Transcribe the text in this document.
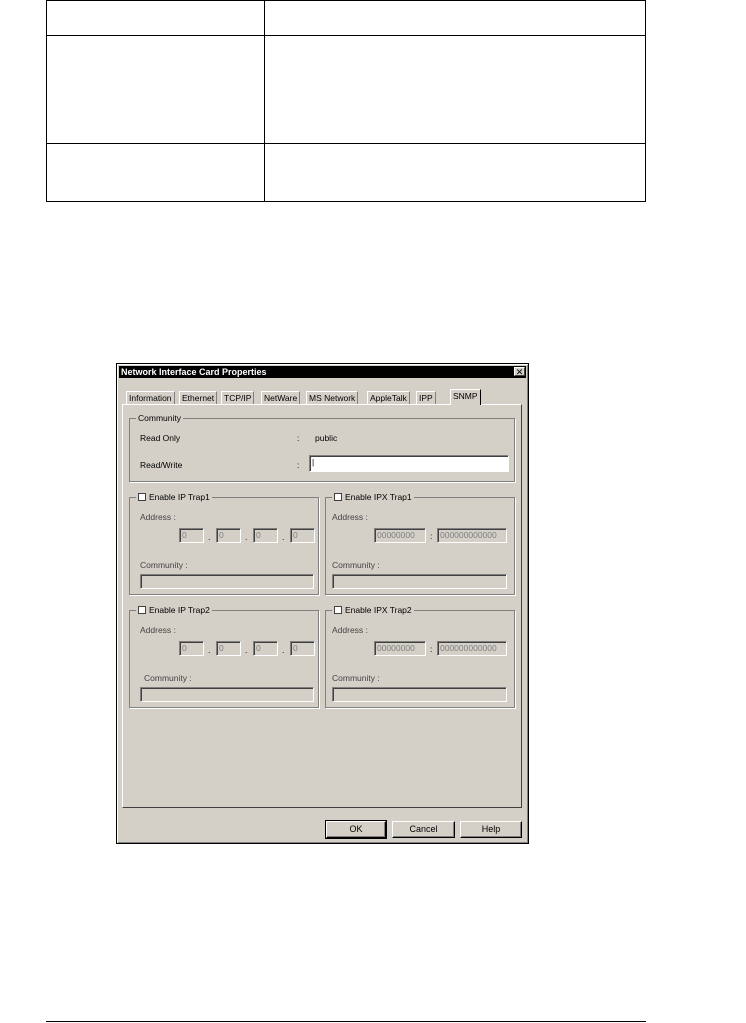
Network Interface Card Properties	✕
Information	Ethernet	TCP/IP	NetWare	MS Network	AppleTalk	IPP	SNMP
Community
Read Only	: public
Read/Write	:	|
Enable IP Trap1
Address :
0	.	0	.	0	.	0
Community :
Enable IPX Trap1
Address :
00000000	: 000000000000
Community :
Enable IP Trap2
Address :
0	.	0	.	0	.	0
Community :
Enable IPX Trap2
Address :
00000000	: 000000000000
Community :
OK	Cancel	Help
